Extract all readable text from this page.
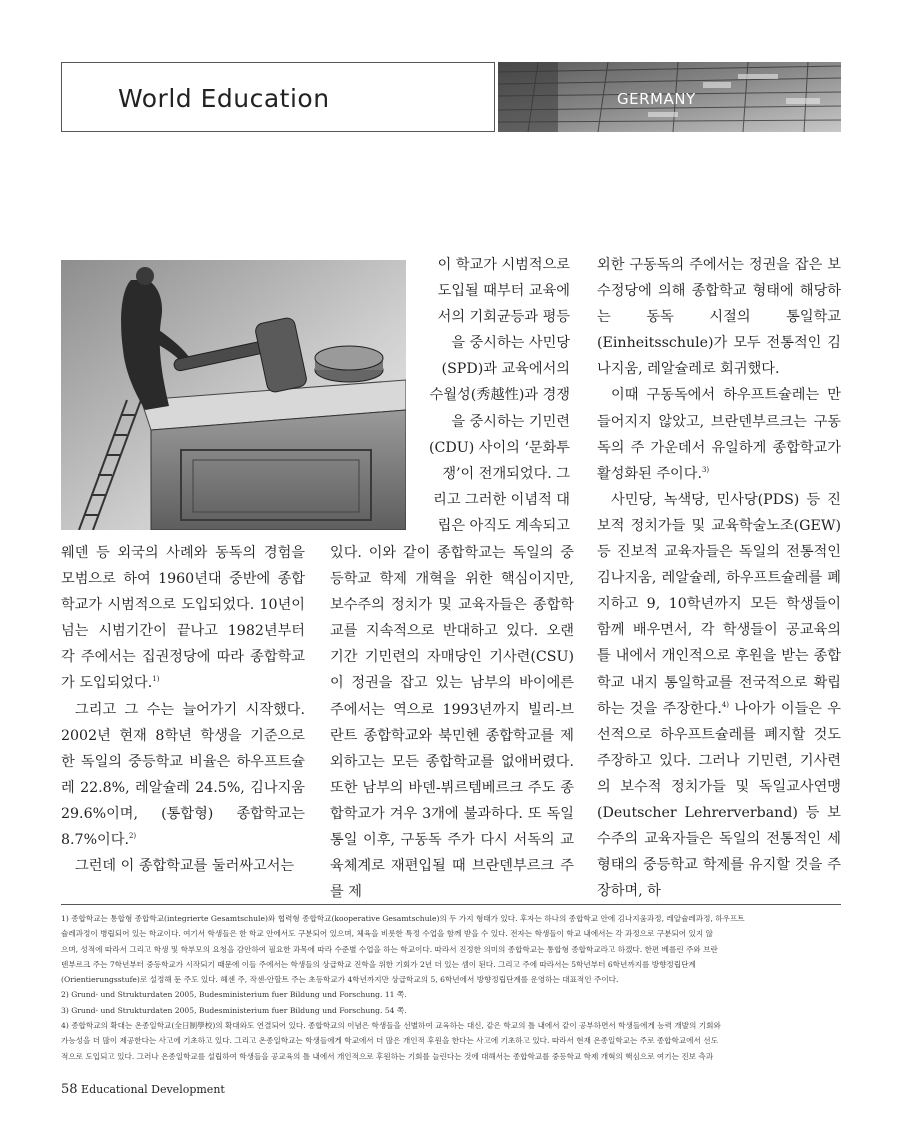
World Education	GERMANY
이 학교가 시범적으로
도입될 때부터 교육에
서의 기회균등과 평등
을 중시하는 사민당
(SPD)과 교육에서의
수월성(秀越性)과 경쟁
을 중시하는 기민련
(CDU) 사이의 ‘문화투
쟁’이 전개되었다. 그
리고 그러한 이념적 대
립은 아직도 계속되고

웨덴 등 외국의 사례와 동독의 경험을 모범으로 하여 1960년대 중반에 종합학교가 시범적으로 도입되었다. 10년이 넘는 시범기간이 끝나고 1982년부터 각 주에서는 집권정당에 따라 종합학교가 도입되었다.$^{1)}$

그리고 그 수는 늘어가기 시작했다. 2002년 현재 8학년 학생을 기준으로 한 독일의 중등학교 비율은 하우프트슐레 22.8%, 레알슐레 24.5%, 김나지움 29.6%이며, (통합형) 종합학교는 8.7%이다.$^{2)}$

그런데 이 종합학교를 둘러싸고서는

있다. 이와 같이 종합학교는 독일의 중등학교 학제 개혁을 위한 핵심이지만, 보수주의 정치가 및 교육자들은 종합학교를 지속적으로 반대하고 있다. 오랜 기간 기민련의 자매당인 기사련(CSU)이 정권을 잡고 있는 남부의 바이에른 주에서는 역으로 1993년까지 빌리-브란트 종합학교와 북민헨 종합학교를 제외하고는 모든 종합학교를 없애버렸다. 또한 남부의 바덴-뷔르템베르크 주도 종합학교가 겨우 3개에 불과하다. 또 독일 통일 이후, 구동독 주가 다시 서독의 교육체계로 재편입될 때 브란덴부르크 주를 제

외한 구동독의 주에서는 정권을 잡은 보수정당에 의해 종합학교 형태에 해당하는 동독 시절의 통일학교(Einheitsschule)가 모두 전통적인 김나지움, 레알슐레로 회귀했다.

이때 구동독에서 하우프트슐레는 만들어지지 않았고, 브란덴부르크는 구동독의 주 가운데서 유일하게 종합학교가 활성화된 주이다.$^{3)}$

사민당, 녹색당, 민사당(PDS) 등 진보적 정치가들 및 교육학술노조(GEW) 등 진보적 교육자들은 독일의 전통적인 김나지움, 레알슐레, 하우프트슐레를 폐지하고 9, 10학년까지 모든 학생들이 함께 배우면서, 각 학생들이 공교육의 틀 내에서 개인적으로 후원을 받는 종합학교 내지 통일학교를 전국적으로 확립하는 것을 주장한다.$^{4)}$ 나아가 이들은 우선적으로 하우프트슐레를 폐지할 것도 주장하고 있다. 그러나 기민련, 기사련의 보수적 정치가들 및 독일교사연맹(Deutscher Lehrerverband) 등 보수주의 교육자들은 독일의 전통적인 세 형태의 중등학교 학제를 유지할 것을 주장하며, 하

1) 종합학교는 통합형 종합학교(integrierte Gesamtschule)와 협력형 종합학교(kooperative Gesamtschule)의 두 가지 형태가 있다. 후자는 하나의 종합학교 안에 김나지움과정, 레알슐레과정, 하우프트

슐레과정이 병립되어 있는 학교이다. 여기서 학생들은 한 학교 안에서도 구분되어 있으며, 체육을 비롯한 특정 수업을 함께 받을 수 있다. 전자는 학생들이 학교 내에서는 각 과정으로 구분되어 있지 않

으며, 성적에 따라서 그리고 학생 및 학부모의 요청을 감안하여 필요한 과목에 따라 수준별 수업을 하는 학교이다. 따라서 진정한 의미의 종합학교는 통합형 종합학교라고 하겠다. 한편 베를린 주와 브란

덴부르크 주는 7학년부터 중등학교가 시작되기 때문에 이들 주에서는 학생들의 상급학교 진학을 위한 기회가 2년 더 있는 셈이 된다. 그리고 주에 따라서는 5학년부터 6학년까지를 방향정립단계

(Orientierungsstufe)로 설정해 둔 주도 있다. 헤센 주, 작센-안할트 주는 초등학교가 4학년까지만 상급학교의 5, 6학년에서 방향정립단계를 운영하는 대표적인 주이다.

2) Grund- und Strukturdaten 2005, Budesministerium fuer Bildung und Forschung. 11 쪽.

3) Grund- und Strukturdaten 2005, Budesministerium fuer Bildung und Forschung. 54 쪽.

4) 종합학교의 확대는 온종일학교(全日制學校)의 확대와도 연결되어 있다. 종합학교의 이념은 학생들을 선별하여 교육하는 대신, 같은 학교의 틀 내에서 같이 공부하면서 학생들에게 능력 개발의 기회와

가능성을 더 많이 제공한다는 사고에 기초하고 있다. 그리고 온종일학교는 학생들에게 학교에서 더 많은 개인적 후원을 한다는 사고에 기초하고 있다. 따라서 현재 온종일학교는 주로 종합학교에서 선도

적으로 도입되고 있다. 그러나 온종일학교를 설립하여 학생들을 공교육의 틀 내에서 개인적으로 후원하는 기회를 늘린다는 것에 대해서는 종합학교를 중등학교 학제 개혁의 핵심으로 여기는 진보 측과

58 Educational Development
